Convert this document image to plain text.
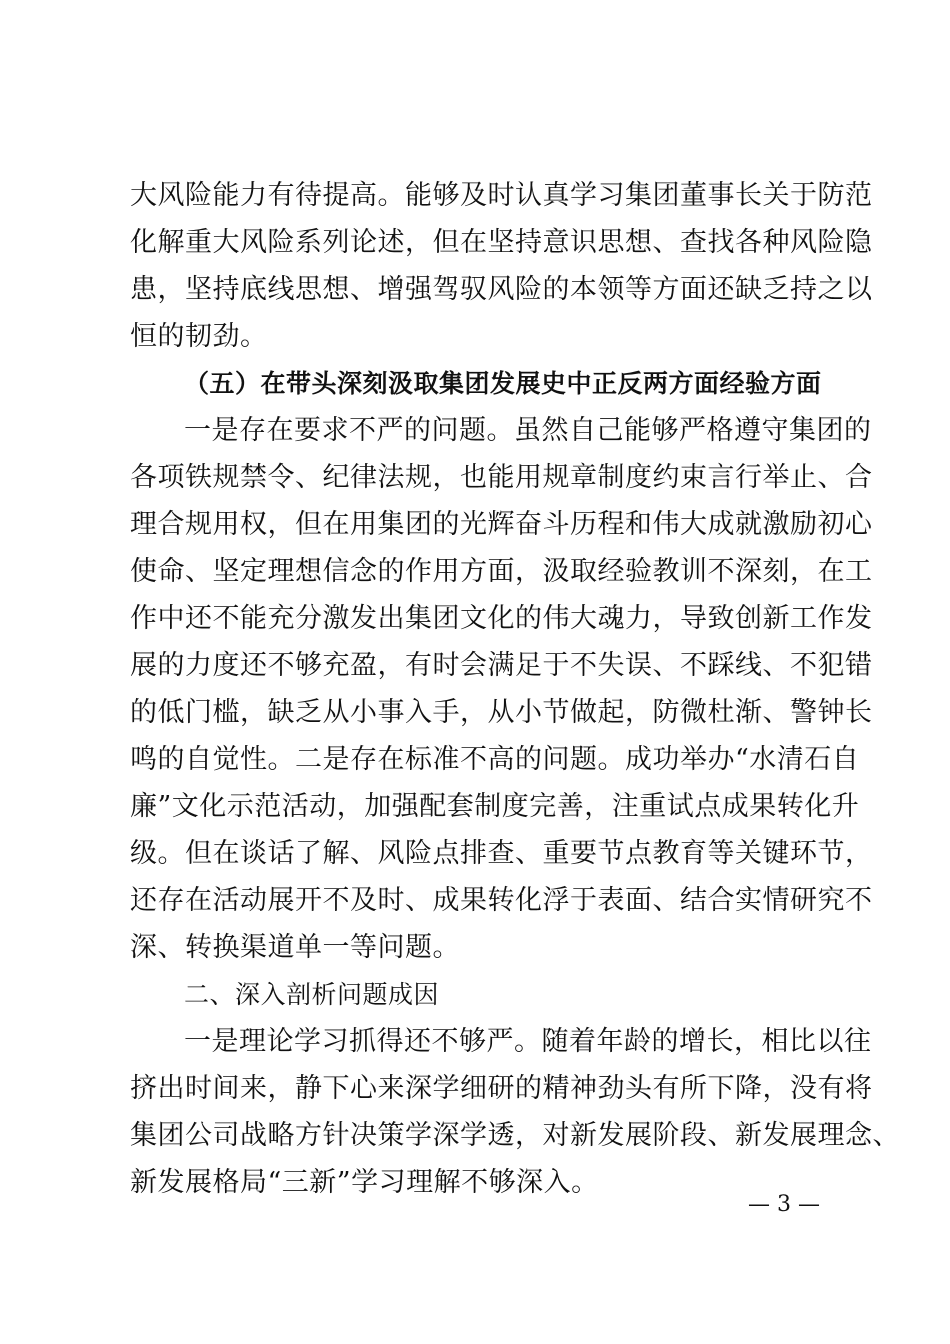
大风险能力有待提高。能够及时认真学习集团董事长关于防范
化解重大风险系列论述，但在坚持意识思想、查找各种风险隐
患，坚持底线思想、增强驾驭风险的本领等方面还缺乏持之以
恒的韧劲。
（五）在带头深刻汲取集团发展史中正反两方面经验方面
一是存在要求不严的问题。虽然自己能够严格遵守集团的
各项铁规禁令、纪律法规，也能用规章制度约束言行举止、合
理合规用权，但在用集团的光辉奋斗历程和伟大成就激励初心
使命、坚定理想信念的作用方面，汲取经验教训不深刻，在工
作中还不能充分激发出集团文化的伟大魂力，导致创新工作发
展的力度还不够充盈，有时会满足于不失误、不踩线、不犯错
的低门槛，缺乏从小事入手，从小节做起，防微杜渐、警钟长
鸣的自觉性。二是存在标准不高的问题。成功举办“水清石自
廉”文化示范活动，加强配套制度完善，注重试点成果转化升
级。但在谈话了解、风险点排查、重要节点教育等关键环节，
还存在活动展开不及时、成果转化浮于表面、结合实情研究不
深、转换渠道单一等问题。
二、深入剖析问题成因
一是理论学习抓得还不够严。随着年龄的增长，相比以往
挤出时间来，静下心来深学细研的精神劲头有所下降，没有将
集团公司战略方针决策学深学透，对新发展阶段、新发展理念、
新发展格局“三新”学习理解不够深入。
— 3 —
